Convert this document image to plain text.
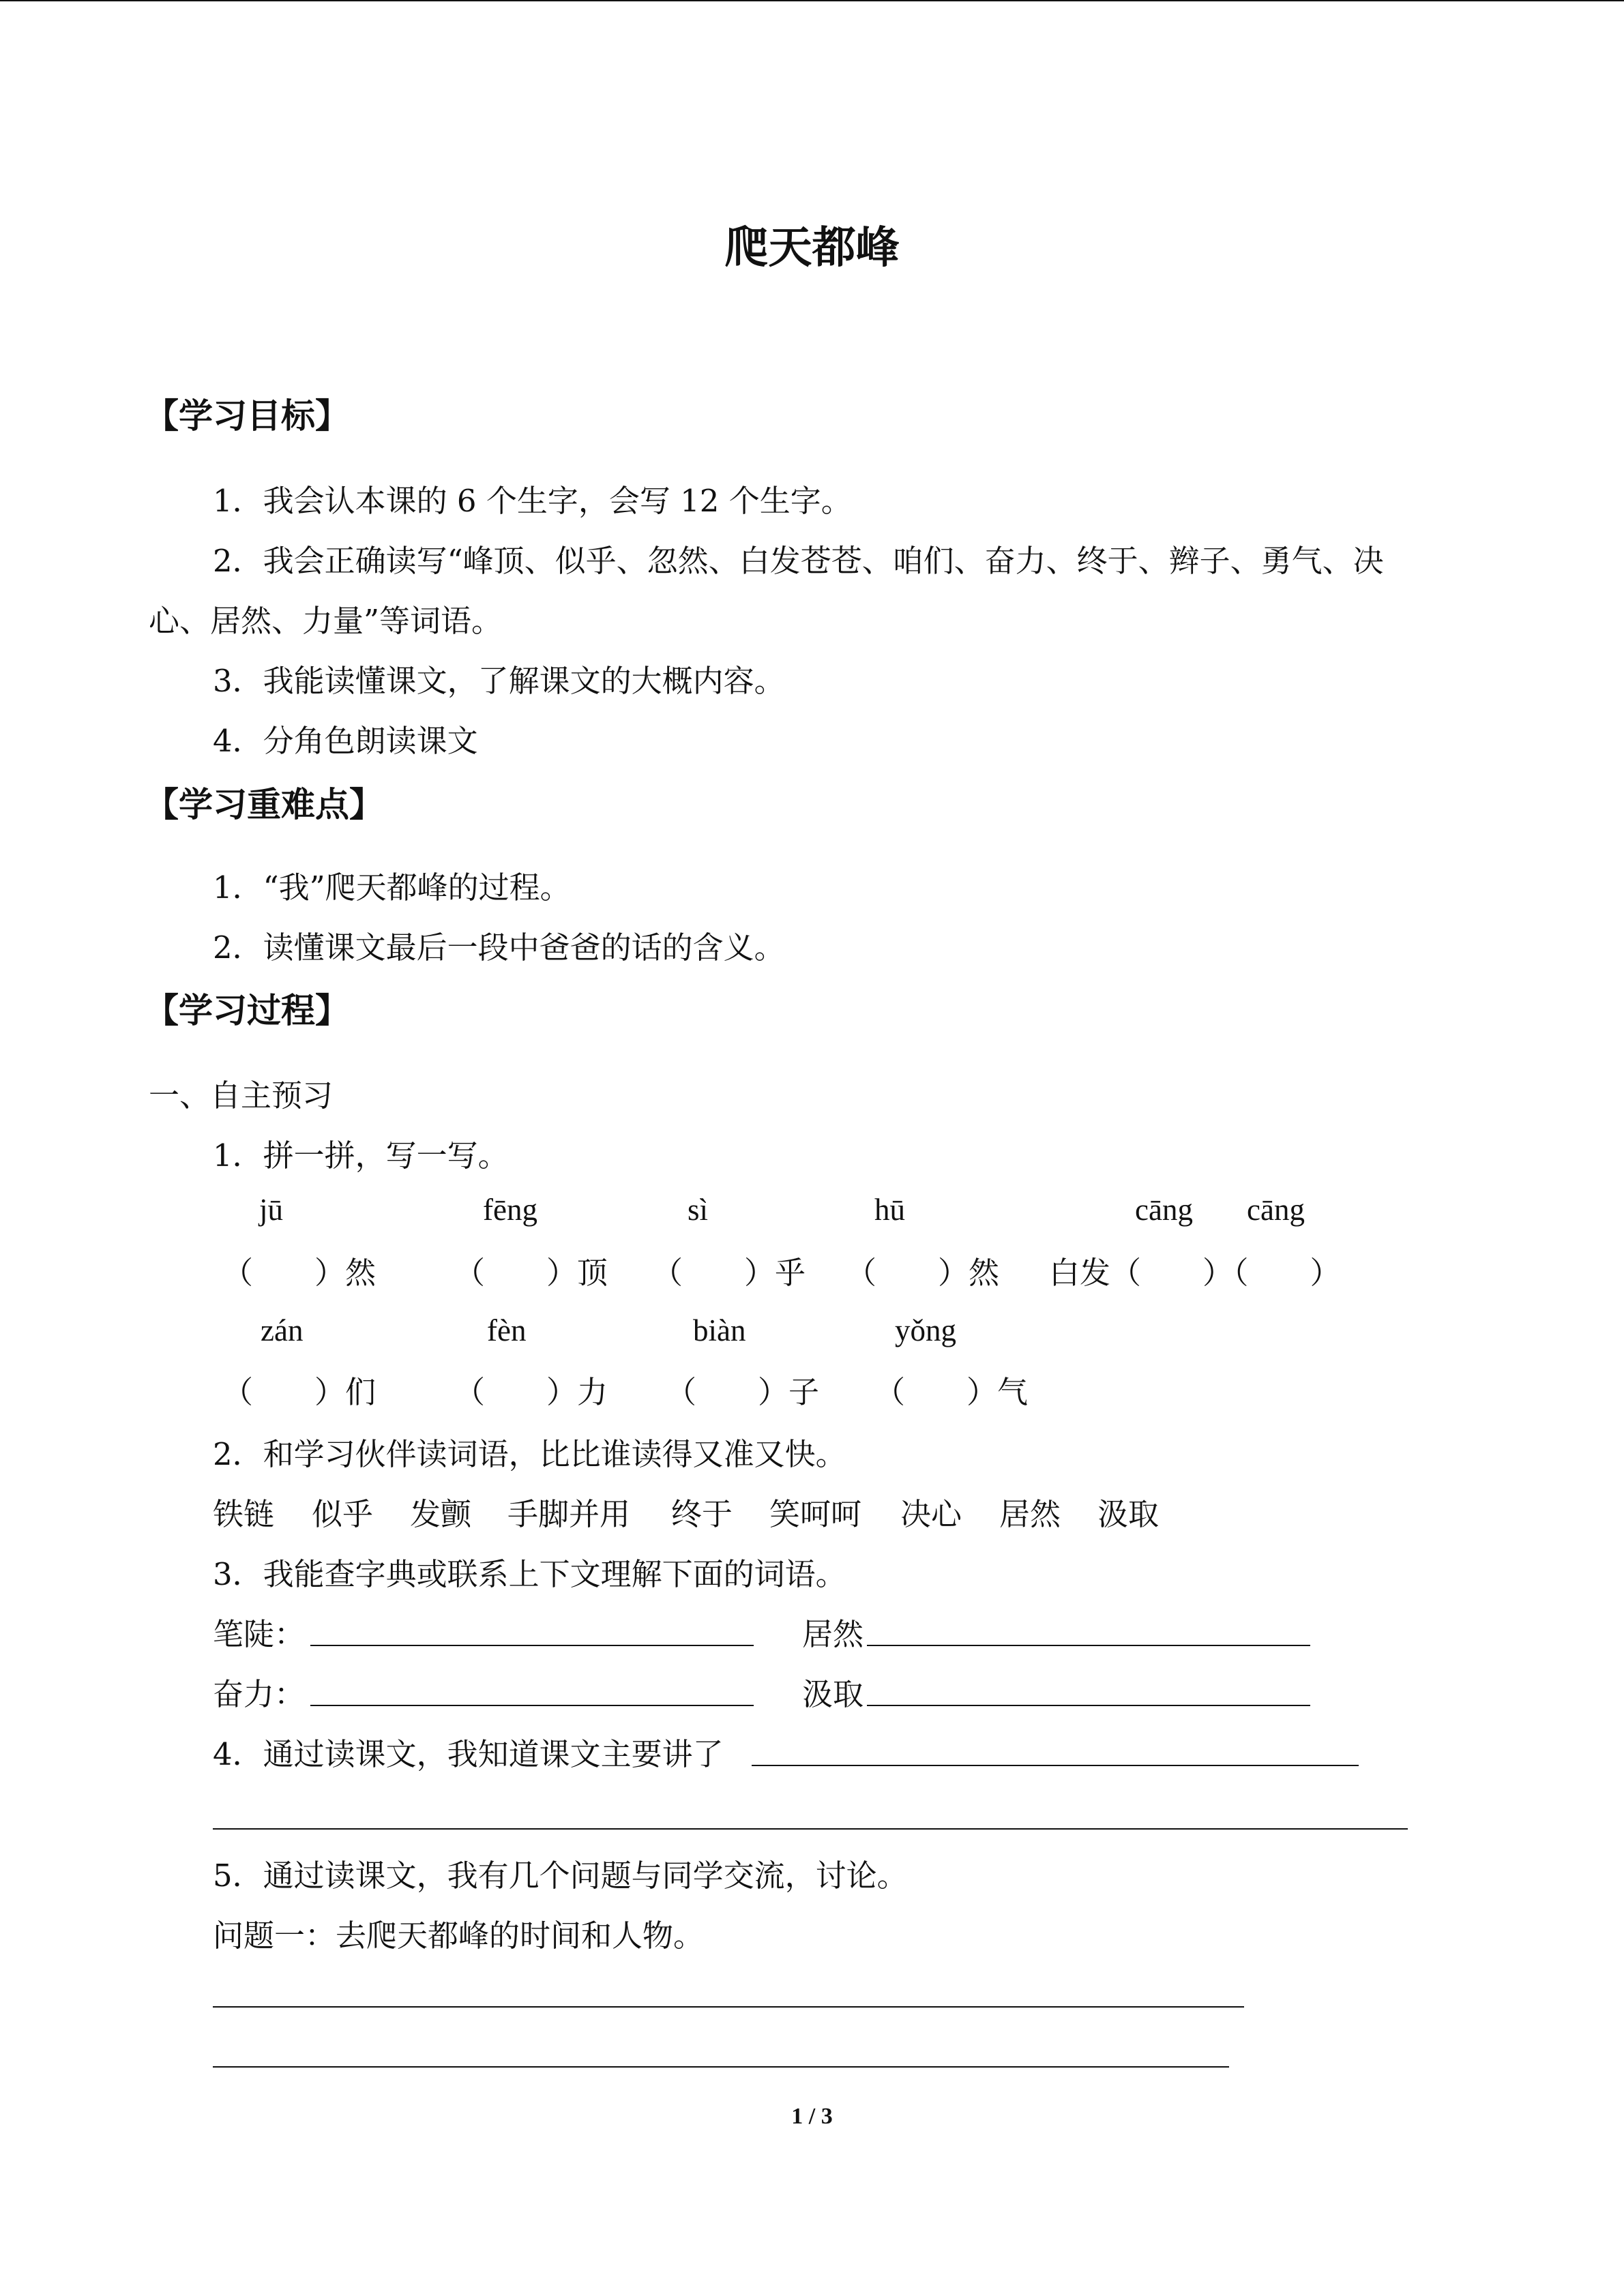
爬天都峰
【学习目标】
1．我会认本课的 6 个生字，会写 12 个生字。
2．我会正确读写“峰顶、似乎、忽然、白发苍苍、咱们、奋力、终于、辫子、勇气、决
心、居然、力量”等词语。
3．我能读懂课文，了解课文的大概内容。
4．分角色朗读课文
【学习重难点】
1．“我”爬天都峰的过程。
2．读懂课文最后一段中爸爸的话的含义。
【学习过程】
一、自主预习
1．拼一拼，写一写。
jū	fēng	sì	hū	cāng cāng
（　　）然	（　　）顶 （　　）乎 （　　）然 白发（　　）（　　）
zán	fèn	biàn	yǒng
（　　）们	（　　）力 （　　）子 （　　）气
2．和学习伙伴读词语，比比谁读得又准又快。
铁链 似乎 发颤 手脚并用 终于 笑呵呵 决心 居然 汲取
3．我能查字典或联系上下文理解下面的词语。
笔陡：	居然
奋力：	汲取
4．通过读课文，我知道课文主要讲了
5．通过读课文，我有几个问题与同学交流，讨论。
问题一：去爬天都峰的时间和人物。
1 / 3
